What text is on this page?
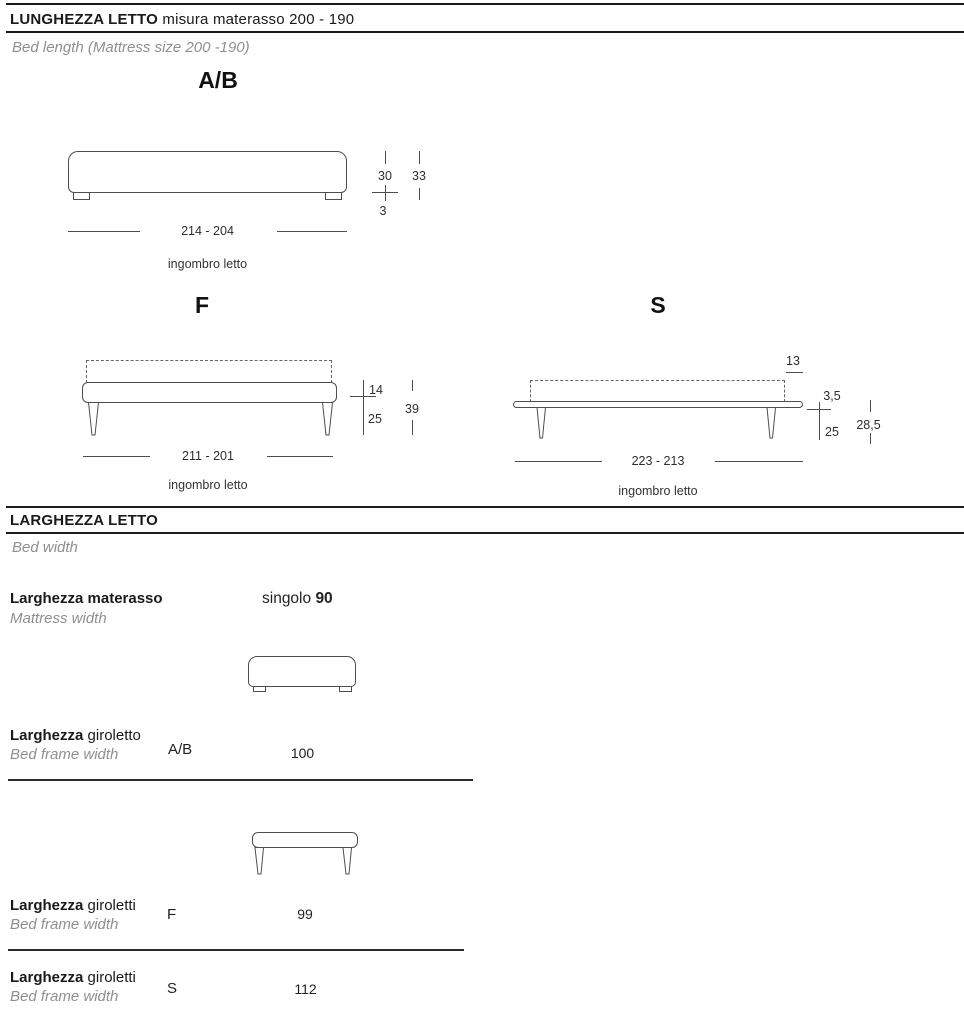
LUNGHEZZA LETTO misura materasso 200 - 190
Bed length (Mattress size 200 -190)
A/B
30
3
33
214 - 204
ingombro letto
F
14
25
39
211 - 201
ingombro letto
S
13
3,5
25	28,5
223 - 213
ingombro letto
LARGHEZZA LETTO
Bed width
Larghezza materasso
Mattress width
singolo 90
Larghezza giroletto
Bed frame width	A/B	100
Larghezza giroletti
Bed frame width
F	99
Larghezza giroletti
Bed frame width	S	112
